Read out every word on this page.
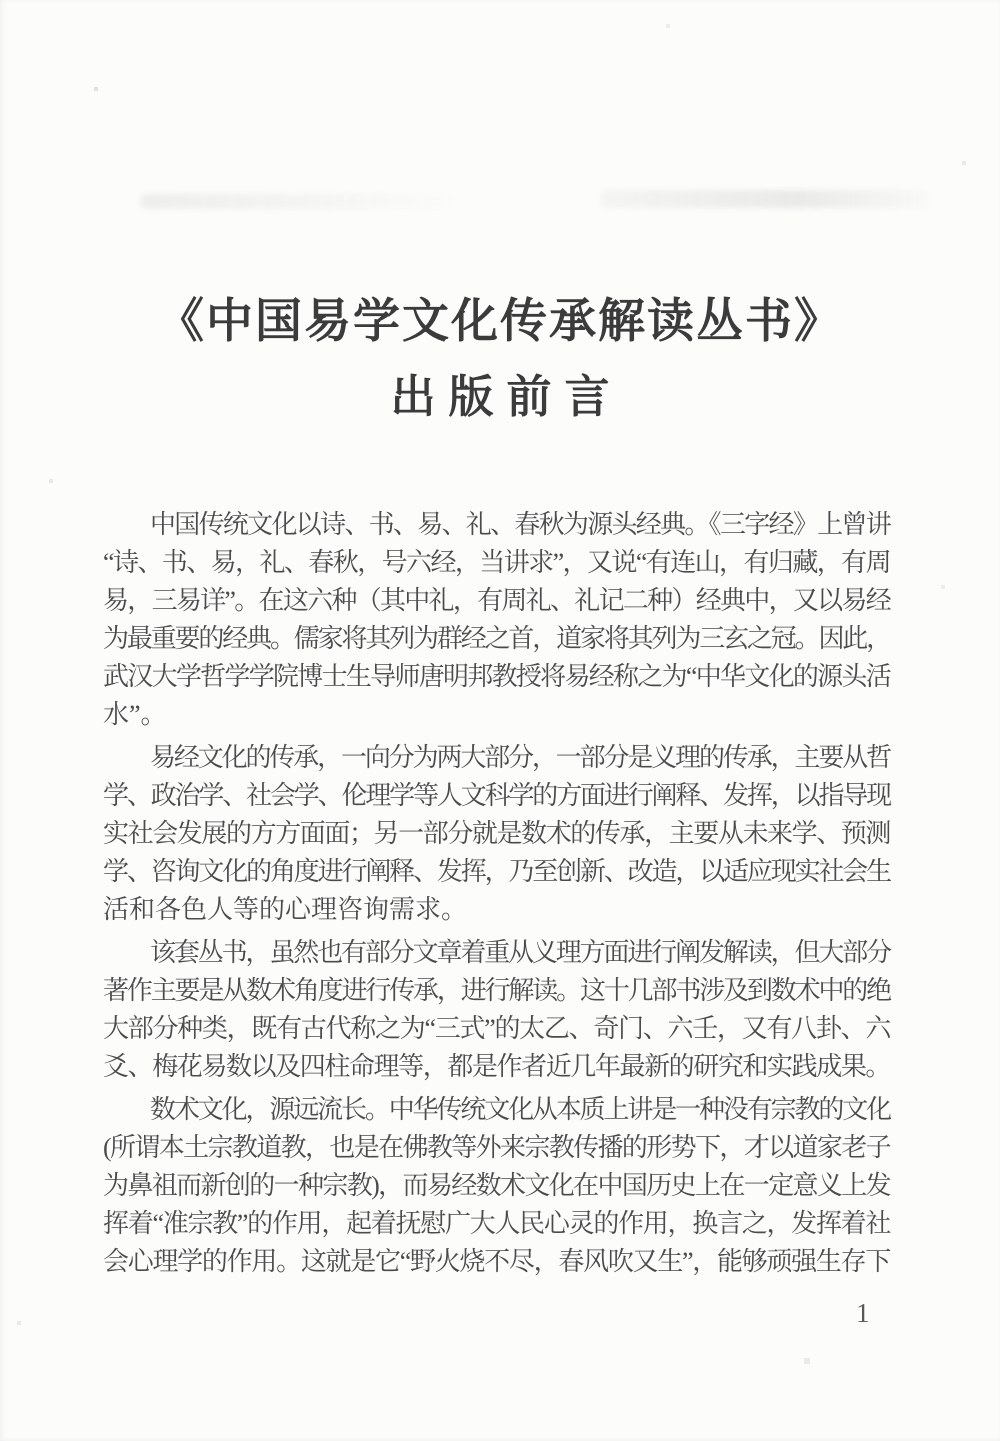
《中国易学文化传承解读丛书》
出版前言
中国传统文化以诗、书、易、礼、春秋为源头经典。《三字经》上曾讲
“诗、书、易，礼、春秋，号六经，当讲求”，又说“有连山，有归藏，有周
易，三易详”。在这六种（其中礼，有周礼、礼记二种）经典中，又以易经
为最重要的经典。儒家将其列为群经之首，道家将其列为三玄之冠。因此，
武汉大学哲学学院博士生导师唐明邦教授将易经称之为“中华文化的源头活
水”。
易经文化的传承，一向分为两大部分，一部分是义理的传承，主要从哲
学、政治学、社会学、伦理学等人文科学的方面进行阐释、发挥，以指导现
实社会发展的方方面面；另一部分就是数术的传承，主要从未来学、预测
学、咨询文化的角度进行阐释、发挥，乃至创新、改造，以适应现实社会生
活和各色人等的心理咨询需求。
该套丛书，虽然也有部分文章着重从义理方面进行阐发解读，但大部分
著作主要是从数术角度进行传承，进行解读。这十几部书涉及到数术中的绝
大部分种类，既有古代称之为“三式”的太乙、奇门、六壬，又有八卦、六
爻、梅花易数以及四柱命理等，都是作者近几年最新的研究和实践成果。
数术文化，源远流长。中华传统文化从本质上讲是一种没有宗教的文化
(所谓本土宗教道教，也是在佛教等外来宗教传播的形势下，才以道家老子
为鼻祖而新创的一种宗教)，而易经数术文化在中国历史上在一定意义上发
挥着“准宗教”的作用，起着抚慰广大人民心灵的作用，换言之，发挥着社
会心理学的作用。这就是它“野火烧不尽，春风吹又生”，能够顽强生存下
1
